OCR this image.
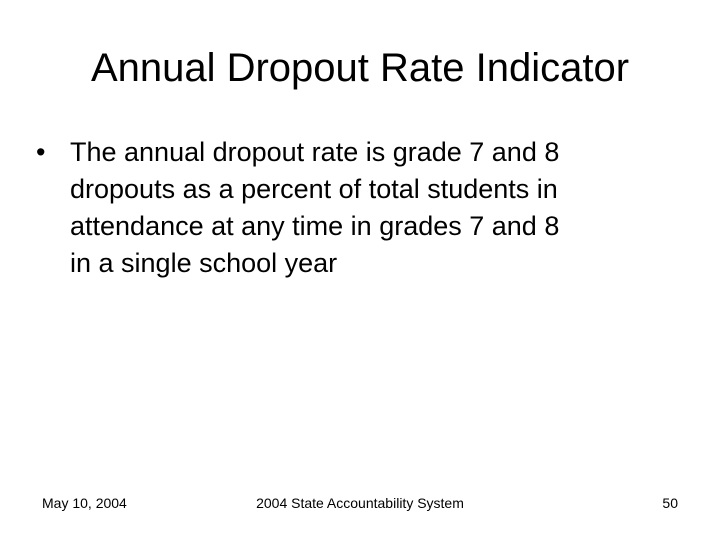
Annual Dropout Rate Indicator
• The annual dropout rate is grade 7 and 8
dropouts as a percent of total students in
attendance at any time in grades 7 and 8
in a single school year
May 10, 2004	2004 State Accountability System	50
